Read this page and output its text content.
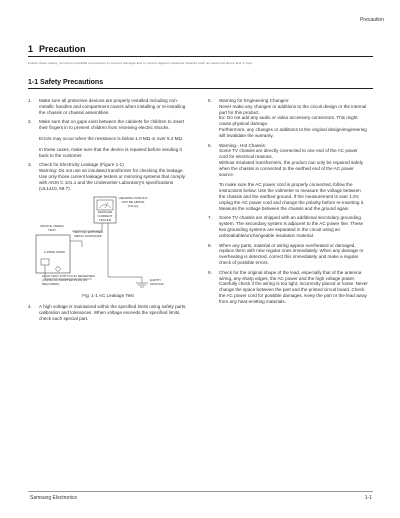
Precaution
1 Precaution
Follow these safety, servicing and ESD precautions to prevent damage and to protect against potential hazards such as electrical shock and X-rays.
1-1 Safety Precautions
1.	Make sure all protective devices are properly installed including non-metallic handles and compartment covers when installing or re-installing the chassis or chassis assemblies.

2.	Make sure that no gaps exist between the cabinets for children to insert their fingers in to prevent children from receiving electric shocks.

Errors may occur when the resistance is below 1.0 MΩ or over 5.2 MΩ.

In these cases, make sure that the device is repaired before sending it back to the customer.

3.	Check for Electricity Leakage (Figure 1-1)

Warning: Do not use an insulated transformer for checking the leakage. Use only those current leakage testers or mirroring systems that comply with ANSI C 101.1 and the Underwriter Laboratory's specifications (UL1410, 59.7).

(READING SHOULD NOT BE ABOVE 0.5mA)
LEAKAGE CURRENT TESTER
DEVICE UNDER TEST
TEST ALL EXPOSED METAL SURFACES
2-WIRE CORD
ALSO TEST WITH PLUG REVERSED (USING AC ADAPTER PLUG AS REQUIRED)
EARTH GROUND
Fig. 1-1 AC Leakage Test
4.	A high voltage is maintained within the specified limits using safety parts, calibration and tolerances. When voltage exceeds the specified limits, check each special part.

5.	Warning for Engineering Changes:

Never make any changes or additions to the circuit design or the internal part for this product.

Ex: Do not add any audio or video accessory connectors. This might cause physical damage.

Furthermore, any changes or additions to the original design/engineering will invalidate the warranty.

6.	Warning - Hot Chassis:

Some TV chassis are directly connected to one end of the AC power cord for electrical reasons.

Without insulated transformers, the product can only be repaired safely when the chassis is connected to the earthed end of the AC power source.

To make sure the AC power cord is properly connected, follow the instructions below: Use the voltmeter to measure the voltage between the chassis and the earthed ground. If the measurement is over 1.0V, unplug the AC power cord and change the polarity before re-inserting it. Measure the voltage between the chassis and the ground again.

7.	Some TV chassis are shipped with an additional secondary grounding system. The secondary system is adjacent to the AC power line. These two grounding systems are separated in the circuit using an unbreakable/unchangeable insulation material.

8.	When any parts, material or wiring appear overheated or damaged, replace them with new regular ones immediately. When any damage or overheating is detected, correct this immediately and make a regular check of possible errors.

9.	Check for the original shape of the lead, especially that of the antenna wiring, any sharp edges, the AC power and the high voltage power. Carefully check if the wiring is too tight, incorrectly placed or loose. Never change the space between the part and the printed circuit board. Check the AC power cord for possible damages. Keep the part or the lead away from any heat-emitting materials.

Samsung Electronics	1-1
